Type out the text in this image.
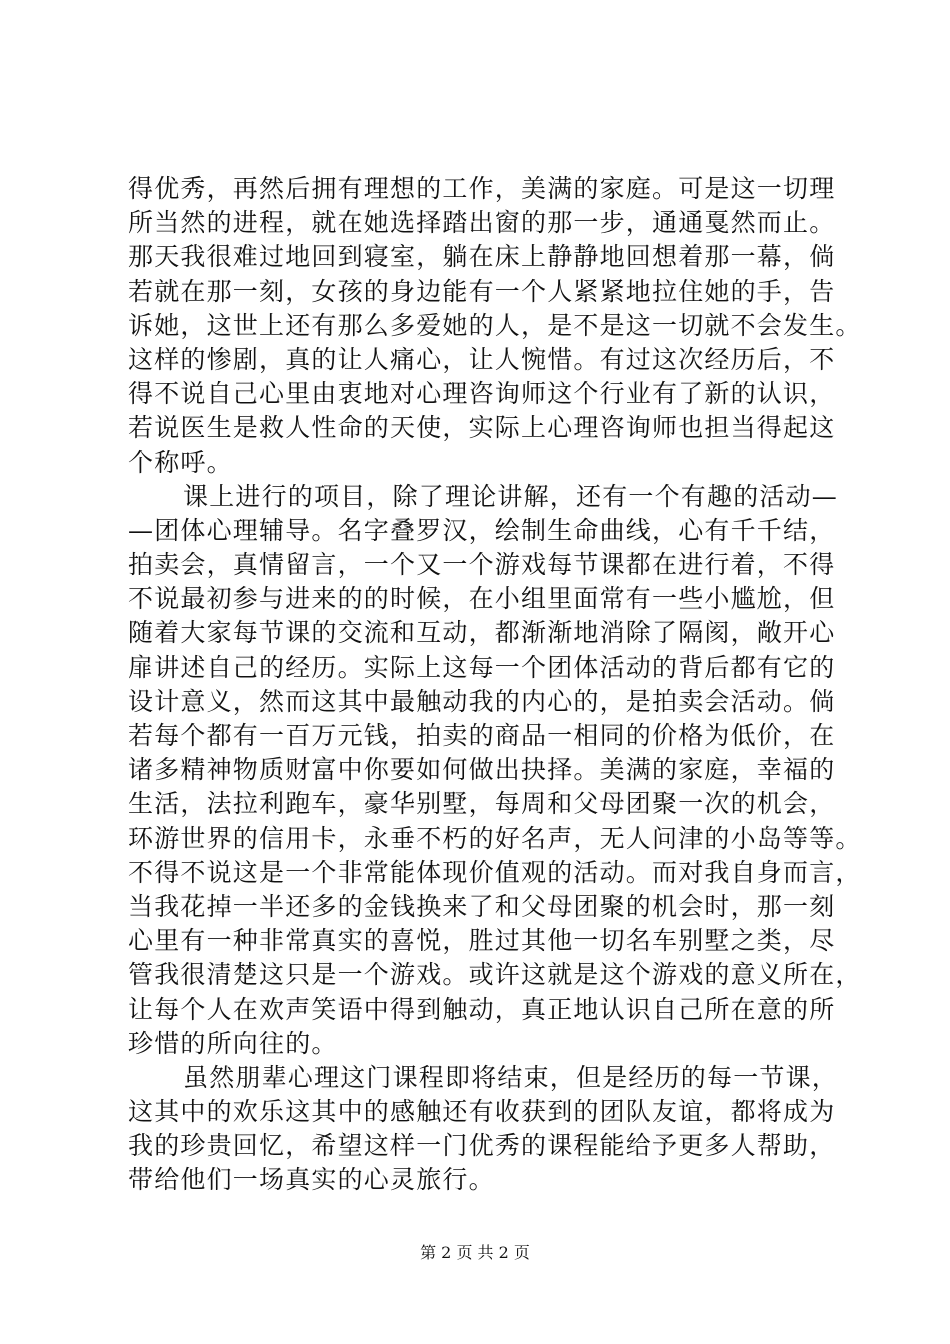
得优秀，再然后拥有理想的工作，美满的家庭。可是这一切理
所当然的进程，就在她选择踏出窗的那一步，通通戛然而止。
那天我很难过地回到寝室，躺在床上静静地回想着那一幕，倘
若就在那一刻，女孩的身边能有一个人紧紧地拉住她的手，告
诉她，这世上还有那么多爱她的人，是不是这一切就不会发生。
这样的惨剧，真的让人痛心，让人惋惜。有过这次经历后，不
得不说自己心里由衷地对心理咨询师这个行业有了新的认识，
若说医生是救人性命的天使，实际上心理咨询师也担当得起这
个称呼。
课上进行的项目，除了理论讲解，还有一个有趣的活动—
—团体心理辅导。名字叠罗汉，绘制生命曲线，心有千千结，
拍卖会，真情留言，一个又一个游戏每节课都在进行着，不得
不说最初参与进来的的时候，在小组里面常有一些小尴尬，但
随着大家每节课的交流和互动，都渐渐地消除了隔阂，敞开心
扉讲述自己的经历。实际上这每一个团体活动的背后都有它的
设计意义，然而这其中最触动我的内心的，是拍卖会活动。倘
若每个都有一百万元钱，拍卖的商品一相同的价格为低价，在
诸多精神物质财富中你要如何做出抉择。美满的家庭，幸福的
生活，法拉利跑车，豪华别墅，每周和父母团聚一次的机会，
环游世界的信用卡，永垂不朽的好名声，无人问津的小岛等等。
不得不说这是一个非常能体现价值观的活动。而对我自身而言，
当我花掉一半还多的金钱换来了和父母团聚的机会时，那一刻
心里有一种非常真实的喜悦，胜过其他一切名车别墅之类，尽
管我很清楚这只是一个游戏。或许这就是这个游戏的意义所在，
让每个人在欢声笑语中得到触动，真正地认识自己所在意的所
珍惜的所向往的。
虽然朋辈心理这门课程即将结束，但是经历的每一节课，
这其中的欢乐这其中的感触还有收获到的团队友谊，都将成为
我的珍贵回忆，希望这样一门优秀的课程能给予更多人帮助，
带给他们一场真实的心灵旅行。
第 2 页 共 2 页
